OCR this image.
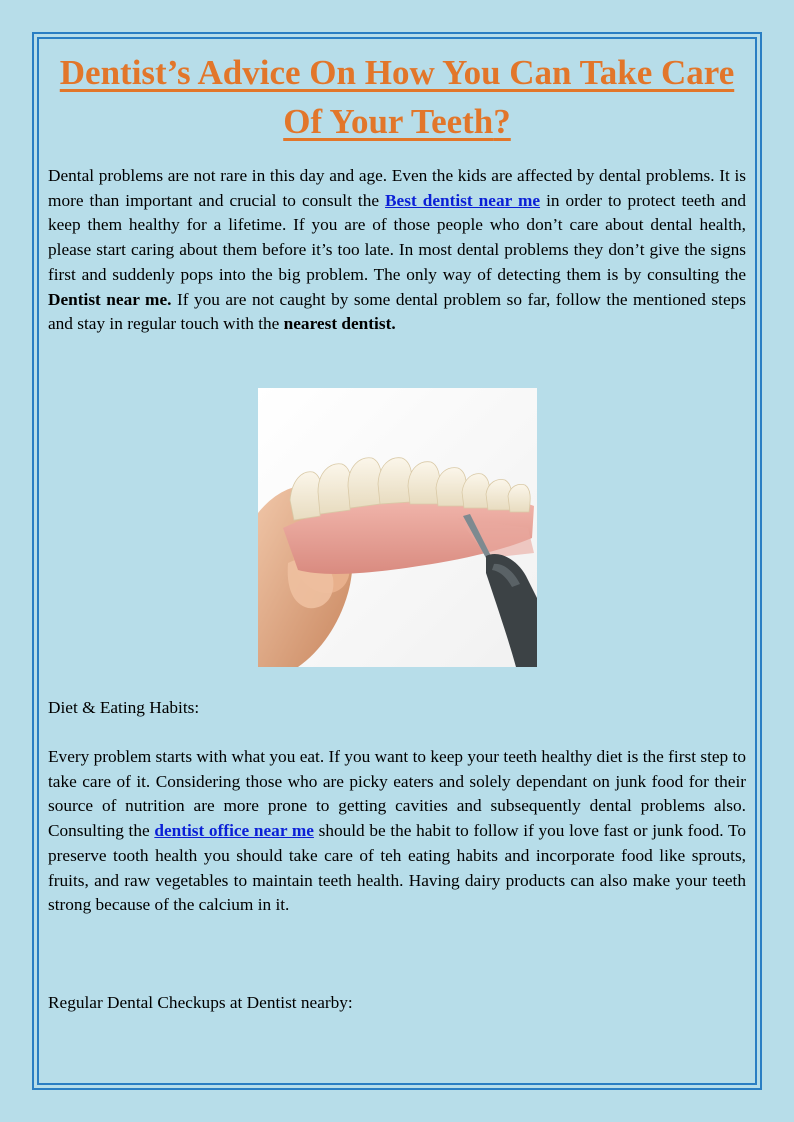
Dentist’s Advice On How You Can Take Care Of Your Teeth?

Dental problems are not rare in this day and age. Even the kids are affected by dental problems. It is more than important and crucial to consult the Best dentist near me in order to protect teeth and keep them healthy for a lifetime. If you are of those people who don’t care about dental health, please start caring about them before it’s too late. In most dental problems they don’t give the signs first and suddenly pops into the big problem. The only way of detecting them is by consulting the Dentist near me. If you are not caught by some dental problem so far, follow the mentioned steps and stay in regular touch with the nearest dentist.

Diet & Eating Habits:

Every problem starts with what you eat. If you want to keep your teeth healthy diet is the first step to take care of it. Considering those who are picky eaters and solely dependant on junk food for their source of nutrition are more prone to getting cavities and subsequently dental problems also. Consulting the dentist office near me should be the habit to follow if you love fast or junk food. To preserve tooth health you should take care of teh eating habits and incorporate food like sprouts, fruits, and raw vegetables to maintain teeth health. Having dairy products can also make your teeth strong because of the calcium in it.

Regular Dental Checkups at Dentist nearby:
